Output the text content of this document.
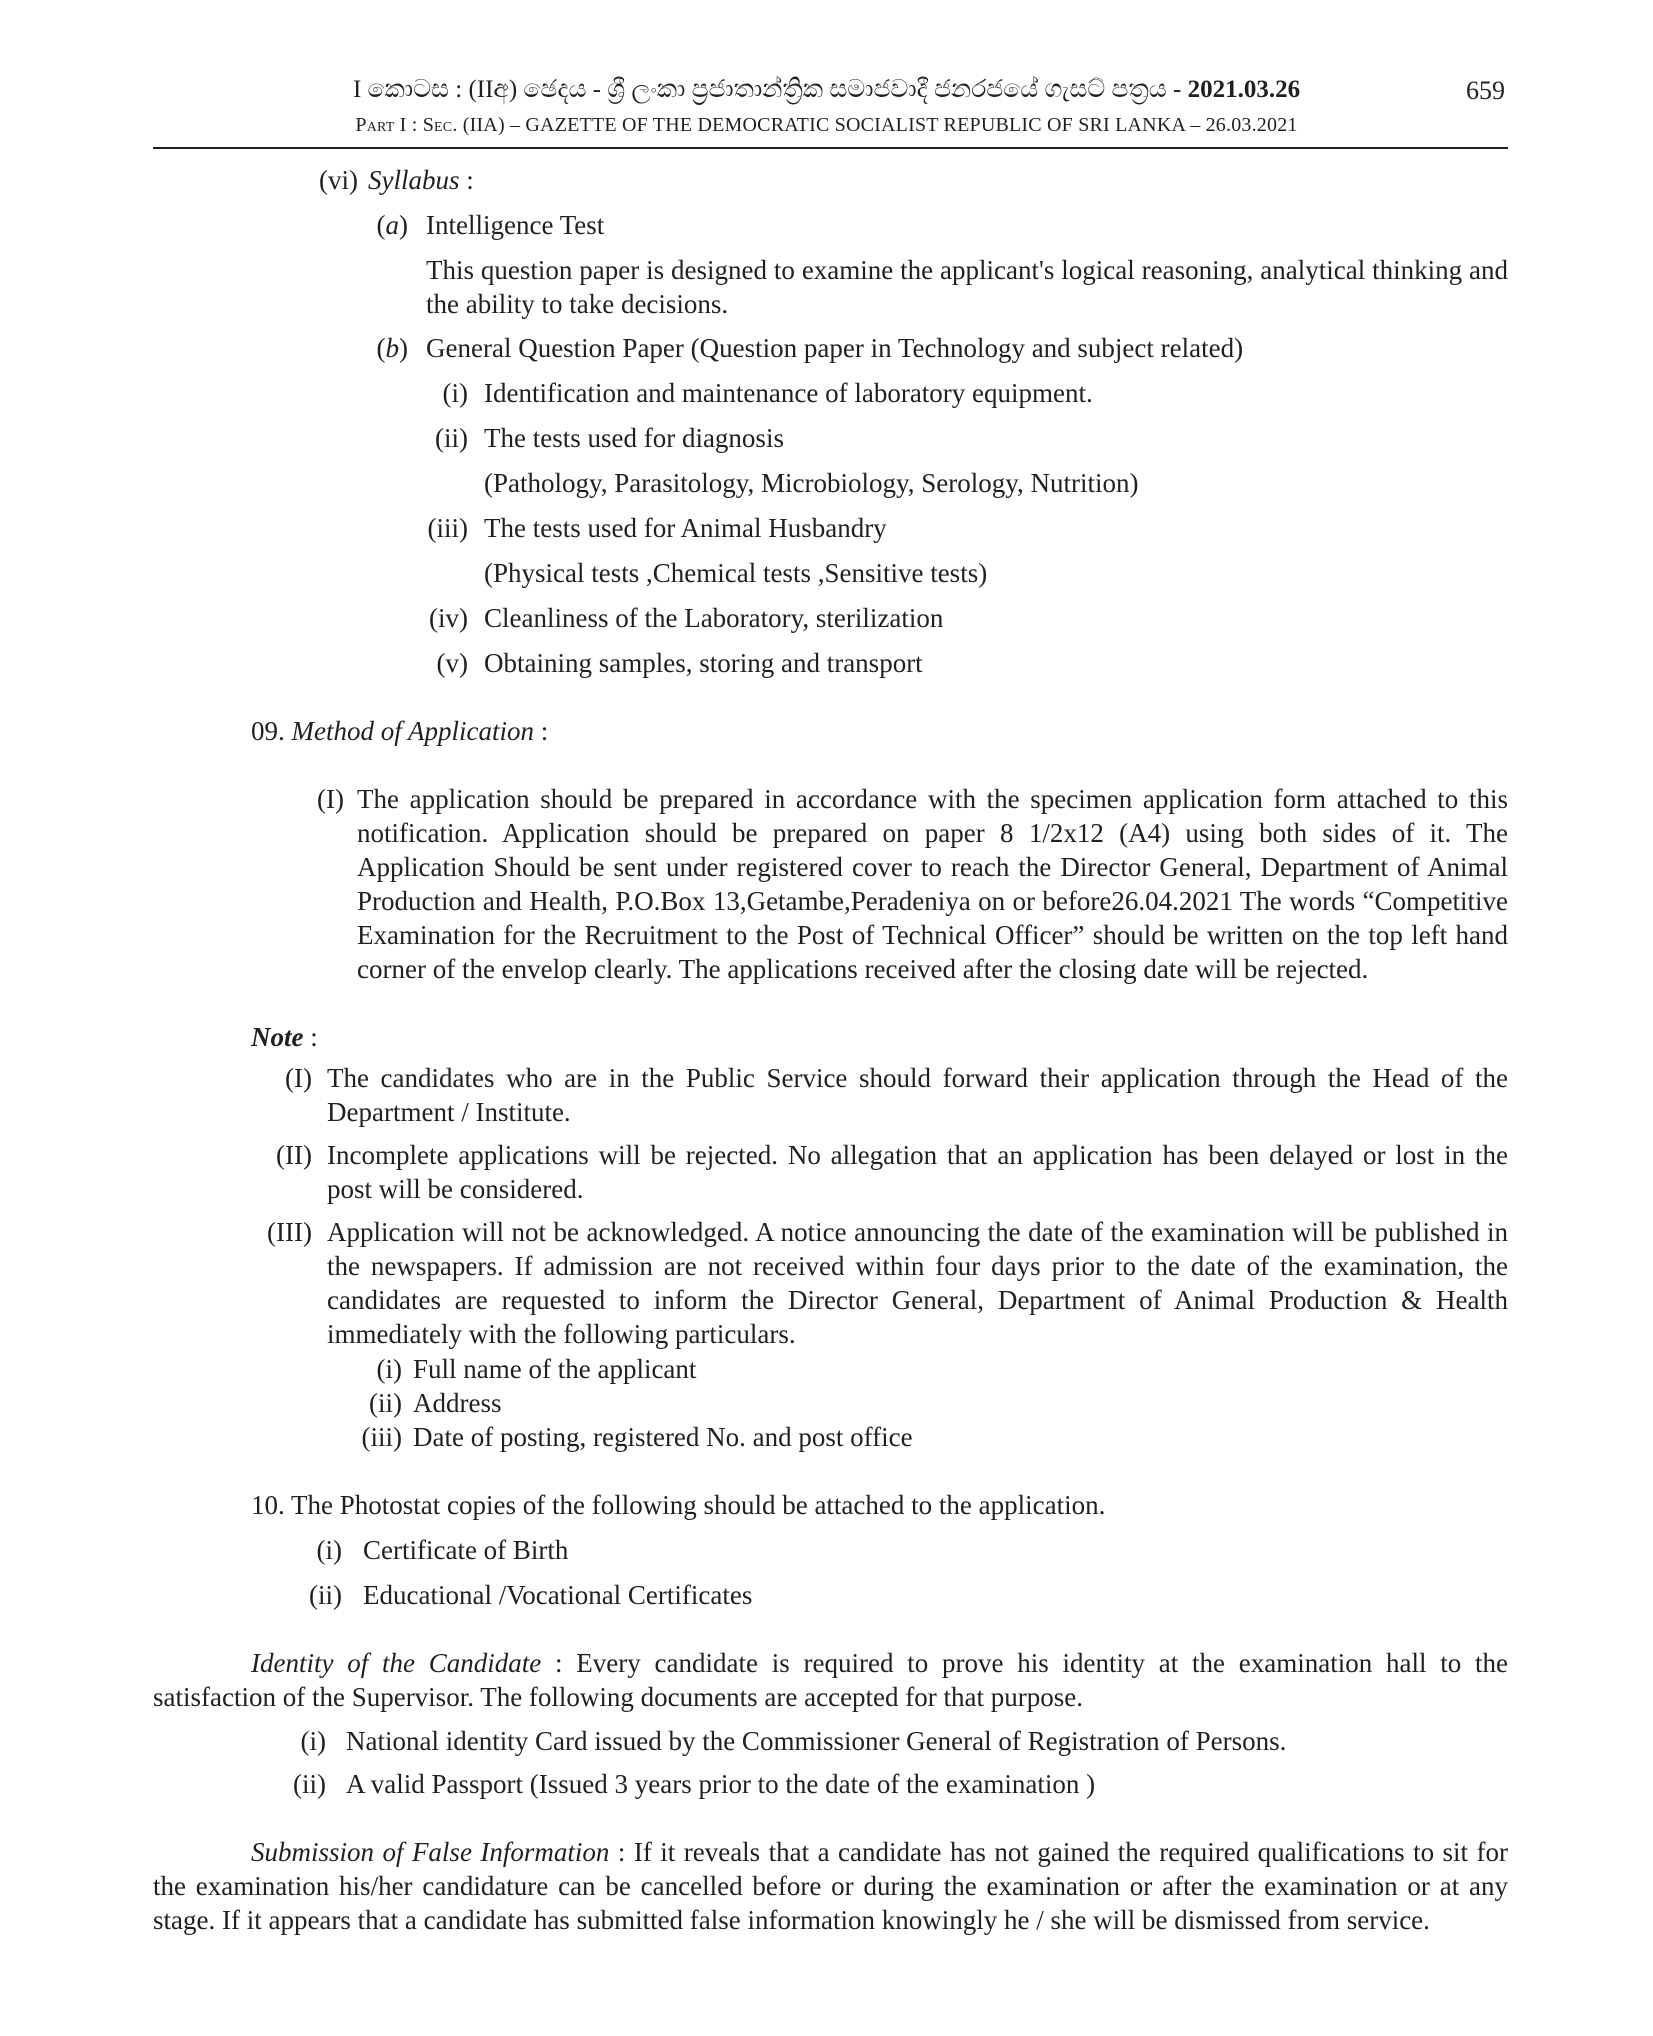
I කොටස : (IIඅ) ඡෙදය - ශ්‍රී ලංකා ප්‍රජාතාන්ත්‍රික සමාජවාදී ජනරජයේ ගැසට් පත්‍රය - 2021.03.26	659
Part I : Sec. (IIA) – GAZETTE OF THE DEMOCRATIC SOCIALIST REPUBLIC OF SRI LANKA – 26.03.2021
(vi) Syllabus :
(a) Intelligence Test
This question paper is designed to examine the applicant's logical reasoning, analytical thinking and the ability to take decisions.
(b) General Question Paper (Question paper in Technology and subject related)
(i) Identification and maintenance of laboratory equipment.
(ii) The tests used for diagnosis
(Pathology, Parasitology, Microbiology, Serology, Nutrition)
(iii) The tests used for Animal Husbandry
(Physical tests ,Chemical tests ,Sensitive tests)
(iv) Cleanliness of the Laboratory, sterilization
(v) Obtaining samples, storing and transport
09. Method of Application :
(I) The application should be prepared in accordance with the specimen application form attached to this notification. Application should be prepared on paper 8 1/2x12 (A4) using both sides of it. The Application Should be sent under registered cover to reach the Director General, Department of Animal Production and Health, P.O.Box 13,Getambe,Peradeniya on or before26.04.2021 The words “Competitive Examination for the Recruitment to the Post of Technical Officer” should be written on the top left hand corner of the envelop clearly. The applications received after the closing date will be rejected.
Note :
(I) The candidates who are in the Public Service should forward their application through the Head of the Department / Institute.
(II) Incomplete applications will be rejected. No allegation that an application has been delayed or lost in the post will be considered.
(III) Application will not be acknowledged. A notice announcing the date of the examination will be published in the newspapers. If admission are not received within four days prior to the date of the examination, the candidates are requested to inform the Director General, Department of Animal Production & Health immediately with the following particulars.
(i) Full name of the applicant
(ii) Address
(iii) Date of posting, registered No. and post office
10. The Photostat copies of the following should be attached to the application.
(i) Certificate of Birth
(ii) Educational /Vocational Certificates
Identity of the Candidate : Every candidate is required to prove his identity at the examination hall to the satisfaction of the Supervisor. The following documents are accepted for that purpose.
(i) National identity Card issued by the Commissioner General of Registration of Persons.
(ii) A valid Passport (Issued 3 years prior to the date of the examination )
Submission of False Information : If it reveals that a candidate has not gained the required qualifications to sit for the examination his/her candidature can be cancelled before or during the examination or after the examination or at any stage. If it appears that a candidate has submitted false information knowingly he / she will be dismissed from service.
